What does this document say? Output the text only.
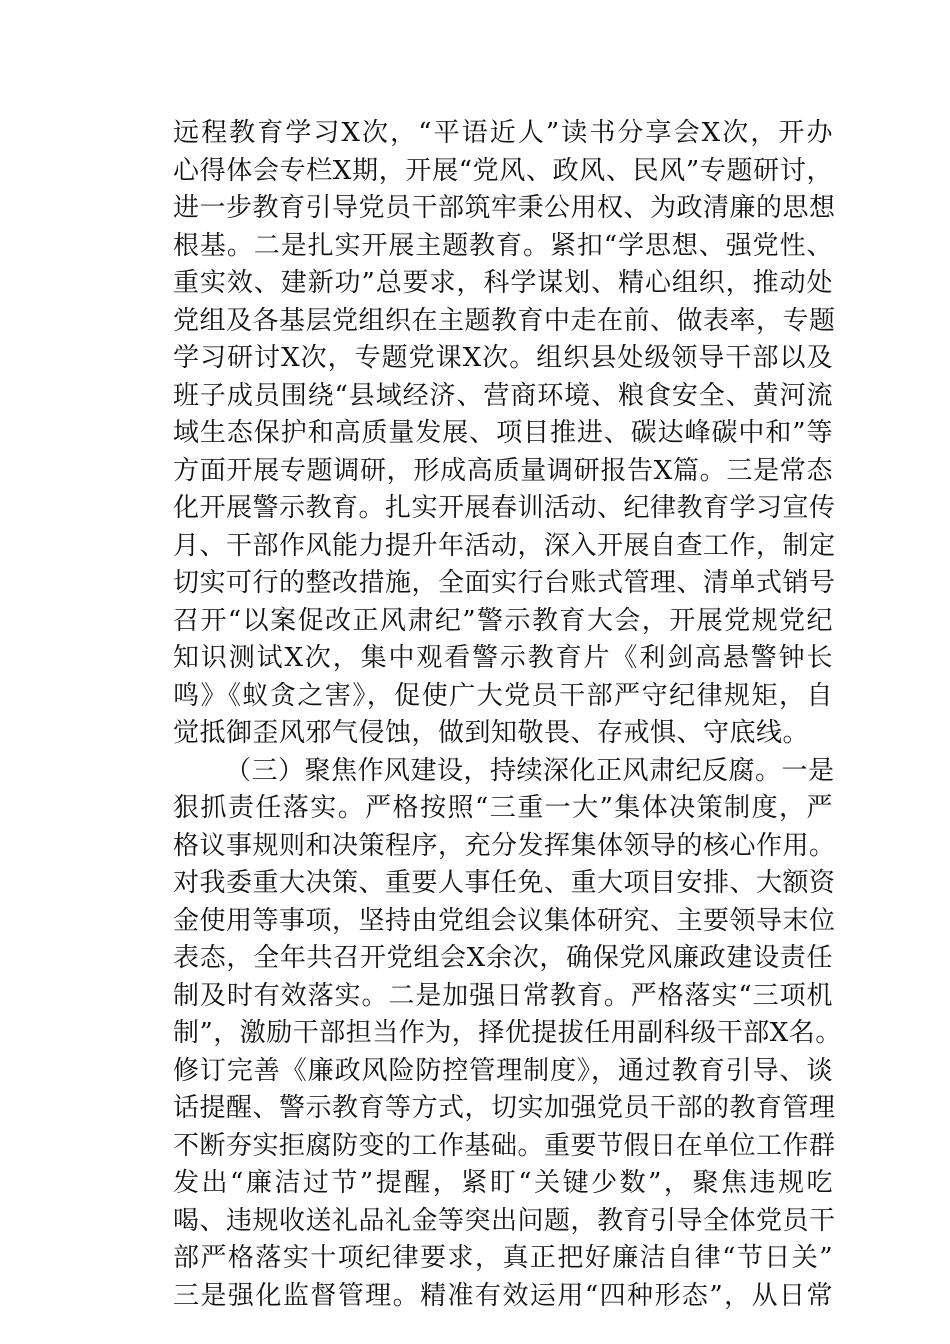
远程教育学习X次，“平语近人”读书分享会X次，开办
心得体会专栏X期，开展“党风、政风、民风”专题研讨，
进一步教育引导党员干部筑牢秉公用权、为政清廉的思想
根基。二是扎实开展主题教育。紧扣“学思想、强党性、
重实效、建新功”总要求，科学谋划、精心组织，推动处
党组及各基层党组织在主题教育中走在前、做表率，专题
学习研讨X次，专题党课X次。组织县处级领导干部以及
班子成员围绕“县域经济、营商环境、粮食安全、黄河流
域生态保护和高质量发展、项目推进、碳达峰碳中和”等
方面开展专题调研，形成高质量调研报告X篇。三是常态
化开展警示教育。扎实开展春训活动、纪律教育学习宣传
月、干部作风能力提升年活动，深入开展自查工作，制定
切实可行的整改措施，全面实行台账式管理、清单式销号
召开“以案促改正风肃纪”警示教育大会，开展党规党纪
知识测试X次，集中观看警示教育片《利剑高悬警钟长
鸣》《蚁贪之害》，促使广大党员干部严守纪律规矩，自
觉抵御歪风邪气侵蚀，做到知敬畏、存戒惧、守底线。
（三）聚焦作风建设，持续深化正风肃纪反腐。一是
狠抓责任落实。严格按照“三重一大”集体决策制度，严
格议事规则和决策程序，充分发挥集体领导的核心作用。
对我委重大决策、重要人事任免、重大项目安排、大额资
金使用等事项，坚持由党组会议集体研究、主要领导末位
表态，全年共召开党组会X余次，确保党风廉政建设责任
制及时有效落实。二是加强日常教育。严格落实“三项机
制”，激励干部担当作为，择优提拔任用副科级干部X名。
修订完善《廉政风险防控管理制度》，通过教育引导、谈
话提醒、警示教育等方式，切实加强党员干部的教育管理
不断夯实拒腐防变的工作基础。重要节假日在单位工作群
发出“廉洁过节”提醒，紧盯“关键少数”，聚焦违规吃
喝、违规收送礼品礼金等突出问题，教育引导全体党员干
部严格落实十项纪律要求，真正把好廉洁自律“节日关”
三是强化监督管理。精准有效运用“四种形态”，从日常
